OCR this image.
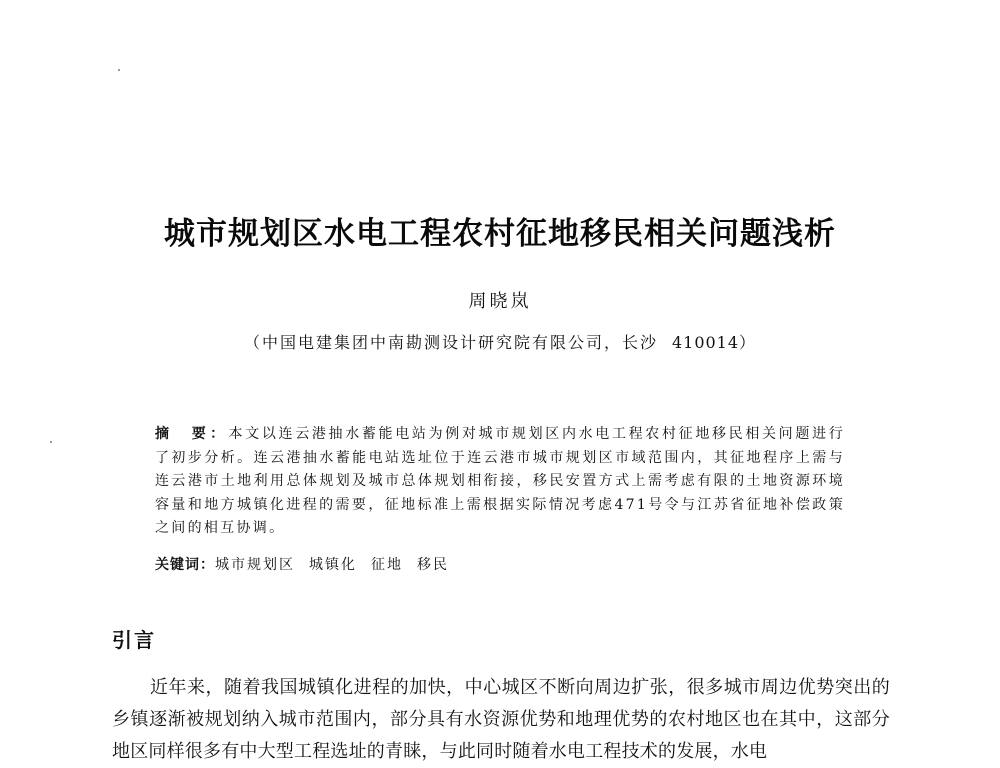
城市规划区水电工程农村征地移民相关问题浅析
周晓岚
（中国电建集团中南勘测设计研究院有限公司，长沙 410014）
摘　要：本文以连云港抽水蓄能电站为例对城市规划区内水电工程农村征地移民相关问题进行了初步分析。连云港抽水蓄能电站选址位于连云港市城市规划区市域范围内，其征地程序上需与连云港市土地利用总体规划及城市总体规划相衔接，移民安置方式上需考虑有限的土地资源环境容量和地方城镇化进程的需要，征地标准上需根据实际情况考虑471号令与江苏省征地补偿政策之间的相互协调。
关键词：城市规划区 城镇化 征地 移民
引言
近年来，随着我国城镇化进程的加快，中心城区不断向周边扩张，很多城市周边优势突出的乡镇逐渐被规划纳入城市范围内，部分具有水资源优势和地理优势的农村地区也在其中，这部分地区同样很多有中大型工程选址的青睐，与此同时随着水电工程技术的发展，水电
